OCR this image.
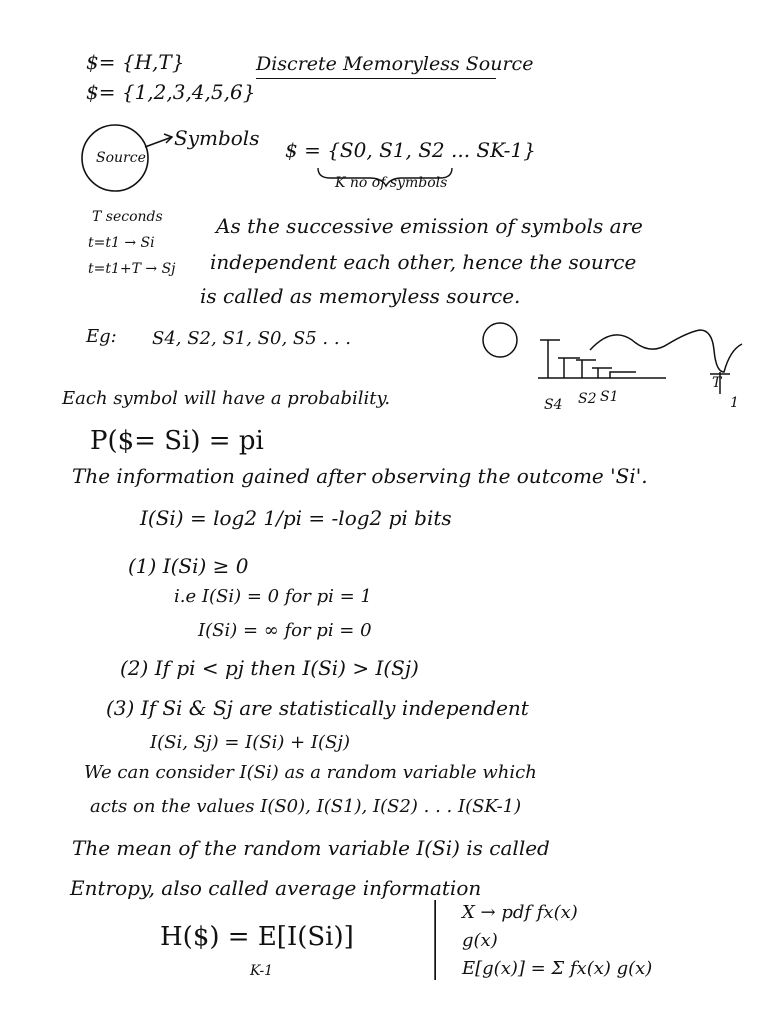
$= {H,T}
$= {1,2,3,4,5,6}
Discrete Memoryless Source
Source
Symbols $ = {S0, S1, S2 ... SK-1}
K no of symbols
T seconds
t=t1 → Si
t=t1+T → Sj
As the successive emission of symbols are
independent each other, hence the source
is called as memoryless source.
Eg: S4, S2, S1, S0, S5 . . .
S4 S2 S1
T
1
Each symbol will have a probability.
P($= Si) = pi
The information gained after observing the outcome 'Si'.
I(Si) = log2 1/pi = -log2 pi bits
(1) I(Si) ≥ 0
i.e I(Si) = 0 for pi = 1
I(Si) = ∞ for pi = 0
(2) If pi < pj then I(Si) > I(Sj)
(3) If Si & Sj are statistically independent
I(Si, Sj) = I(Si) + I(Sj)
We can consider I(Si) as a random variable which
acts on the values I(S0), I(S1), I(S2) . . . I(SK-1)
The mean of the random variable I(Si) is called
Entropy, also called average information
H($) = E[I(Si)]
K-1
X → pdf fx(x)
g(x)
E[g(x)] = Σ fx(x) g(x)
